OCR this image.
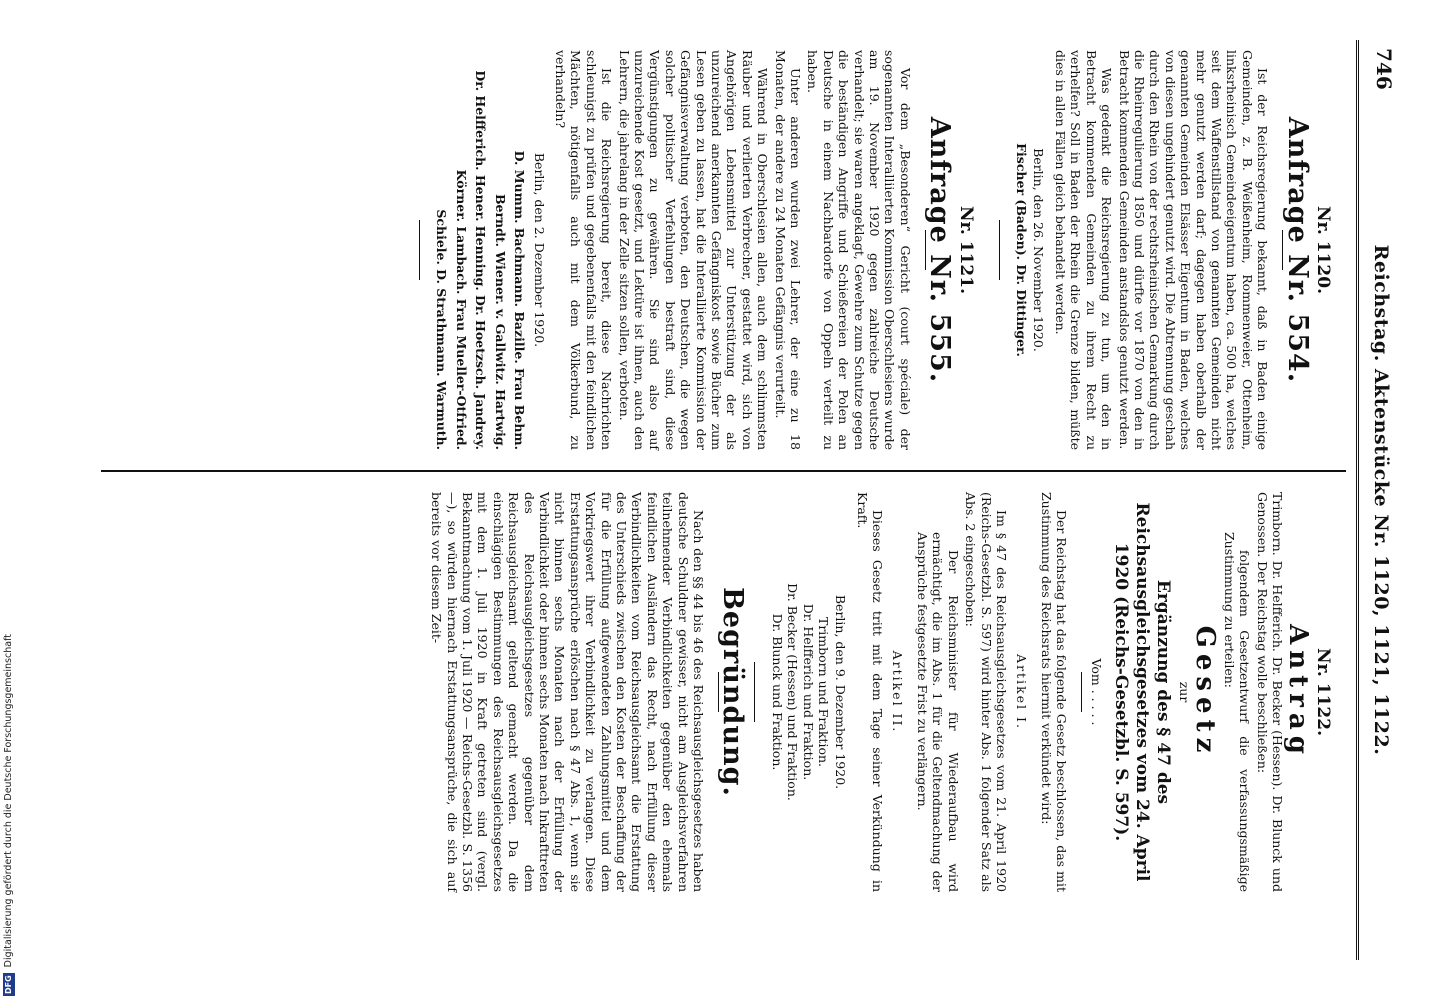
746
Reichstag. Aktenstücke Nr. 1120, 1121, 1122.
Nr. 1120.
Anfrage Nr. 554.

Ist der Reichsregierung bekannt, daß in Baden einige Gemeinden, z. B. Weißenheim, Rommenweier, Ottenheim, linksrheinisch Gemeindeeigentum haben, ca. 500 ha, welches seit dem Waffenstillstand von genannten Gemeinden nicht mehr genutzt werden darf; dagegen haben oberhalb der genannten Gemeinden Elsässer Eigentum in Baden, welches von diesen ungehindert genutzt wird. Die Abtrennung geschah durch den Rhein von der rechtsrheinischen Gemarkung durch die Rheinregulierung 1850 und dürfte vor 1870 von den in Betracht kommenden Gemeinden anstandslos genutzt werden.

Was gedenkt die Reichsregierung zu tun, um den in Betracht kommenden Gemeinden zu ihrem Recht zu verhelfen? Soll in Baden der Rhein die Grenze bilden, müßte dies in allen Fällen gleich behandelt werden.

Berlin, den 26. November 1920.
Fischer (Baden). Dr. Dittinger.
Nr. 1121.
Anfrage Nr. 555.

Vor dem „Besonderen“ Gericht (court spéciale) der sogenannten Interalliierten Kommission Oberschlesiens wurde am 19. November 1920 gegen zahlreiche Deutsche verhandelt; sie waren angeklagt, Gewehre zum Schutze gegen die beständigen Angriffe und Schießereien der Polen an Deutsche in einem Nachbardorfe von Oppeln verteilt zu haben.

Unter anderen wurden zwei Lehrer, der eine zu 18 Monaten, der andere zu 24 Monaten Gefängnis verurteilt.

Während in Oberschlesien allen, auch dem schlimmsten Räuber und verlierten Verbrecher, gestattet wird, sich von Angehörigen Lebensmittel zur Unterstützung der als unzureichend anerkannten Gefängniskost sowie Bücher zum Lesen geben zu lassen, hat die Interalliierte Kommission der Gefängnisverwaltung verboten, den Deutschen, die wegen solcher politischer Verfehlungen bestraft sind, diese Vergünstigungen zu gewähren. Sie sind also auf unzureichende Kost gesetzt, und Lektüre ist ihnen, auch den Lehrern, die jahrelang in der Zelle sitzen sollen, verboten.

Ist die Reichsregierung bereit, diese Nachrichten schleunigst zu prüfen und gegebenenfalls mit den feindlichen Mächten, nötigenfalls auch mit dem Völkerbund, zu verhandeln?

Berlin, den 2. Dezember 1920.
D. Mumm. Bachmann. Bazille. Frau Behm.
Berndt. Wiener. v. Gallwitz. Hartwig.
Dr. Helfferich. Hener. Henning. Dr. Hoetzsch. Jandrey.
Körner. Lambach. Frau Mueller-Otfried.
Schiele. D. Strathmann. Warmuth.
Nr. 1122.
Antrag

Trimborn. Dr. Helfferich. Dr. Becker (Hessen). Dr. Blunck und Genossen. Der Reichstag wolle beschließen:

folgendem Gesetzentwurf die verfassungsmäßige Zustimmung zu erteilen:

Gesetz
zur
Ergänzung des § 47 des Reichsausgleichsgesetzes vom 24. April 1920 (Reichs-Gesetzbl. S. 597).
Vom . . . . .

Der Reichstag hat das folgende Gesetz beschlossen, das mit Zustimmung des Reichsrats hiermit verkündet wird:

Artikel I.

Im § 47 des Reichsausgleichsgesetzes vom 21. April 1920 (Reichs-Gesetzbl. S. 597) wird hinter Abs. 1 folgender Satz als Abs. 2 eingeschoben:

Der Reichsminister für Wiederaufbau wird ermächtigt, die im Abs. 1 für die Geltendmachung der Ansprüche festgesetzte Frist zu verlängern.

Artikel II.

Dieses Gesetz tritt mit dem Tage seiner Verkündung in Kraft.

Berlin, den 9. Dezember 1920.
Trimborn und Fraktion.
Dr. Helfferich und Fraktion.
Dr. Becker (Hessen) und Fraktion.
Dr. Blunck und Fraktion.
Begründung.

Nach den §§ 44 bis 46 des Reichsausgleichsgesetzes haben deutsche Schuldner gewisser, nicht am Ausgleichsverfahren teilnehmender Verbindlichkeiten gegenüber den ehemals feindlichen Ausländern das Recht, nach Erfüllung dieser Verbindlichkeiten vom Reichsausgleichsamt die Erstattung des Unterschieds zwischen den Kosten der Beschaffung der für die Erfüllung aufgewendeten Zahlungsmittel und dem Vorkriegswert ihrer Verbindlichkeit zu verlangen. Diese Erstattungsansprüche erlöschen nach § 47 Abs. 1, wenn sie nicht binnen sechs Monaten nach der Erfüllung der Verbindlichkeit oder binnen sechs Monaten nach Inkrafttreten des Reichsausgleichsgesetzes gegenüber dem Reichsausgleichsamt geltend gemacht werden. Da die einschlägigen Bestimmungen des Reichsausgleichsgesetzes mit dem 1. Juli 1920 in Kraft getreten sind (vergl. Bekanntmachung vom 1. Juli 1920 — Reichs-Gesetzbl. S. 1356 —), so würden hiernach Erstattungsansprüche, die sich auf bereits vor diesem Zeit-

DFGDigitalisierung gefördert durch die Deutsche Forschungsgemeinschaft
